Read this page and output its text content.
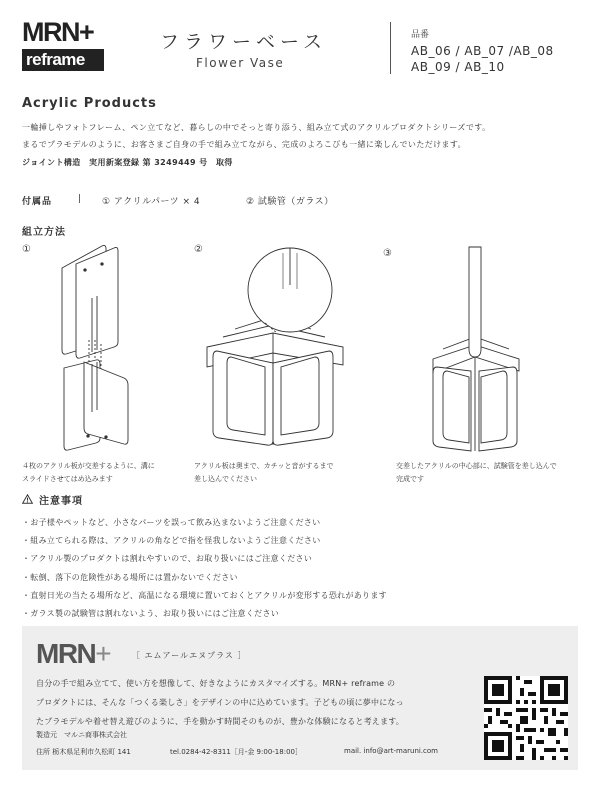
MRN+
reframe
フラワーベース
Flower Vase
品番
AB_06 / AB_07 /AB_08
AB_09 / AB_10
Acrylic Products
一輪挿しやフォトフレーム、ペン立てなど、暮らしの中でそっと寄り添う、組み立て式のアクリルプロダクトシリーズです。
まるでプラモデルのように、お客さまご自身の手で組み立てながら、完成のよろこびも一緒に楽しんでいただけます。
ジョイント構造　実用新案登録 第 3249449 号　取得
付属品	| ① アクリルパーツ × 4	② 試験管（ガラス）
組立方法
①	②	③
４枚のアクリル板が交差するように、溝に
スライドさせてはめ込みます
アクリル板は奥まで、カチッと音がするまで
差し込んでください
交差したアクリルの中心部に、試験管を差し込んで
完成です
注意事項
・お子様やペットなど、小さなパーツを誤って飲み込まないようご注意ください
・組み立てられる際は、アクリルの角などで指を怪我しないようご注意ください
・アクリル製のプロダクトは割れやすいので、お取り扱いにはご注意ください
・転倒、落下の危険性がある場所には置かないでください
・直射日光の当たる場所など、高温になる環境に置いておくとアクリルが変形する恐れがあります
・ガラス製の試験管は割れないよう、お取り扱いにはご注意ください
MRN+	［ エムアールエヌプラス ］
自分の手で組み立てて、使い方を想像して、好きなようにカスタマイズする。MRN+ reframe の
プロダクトには、そんな「つくる楽しさ」をデザインの中に込めています。子どもの頃に夢中になっ
たプラモデルや着せ替え遊びのように、手を動かす時間そのものが、豊かな体験になると考えます。
製造元　マルニ商事株式会社
住所 栃木県足利市久松町 141	tel.0284-42-8311［月-金 9:00-18:00］	mail. info@art-maruni.com
